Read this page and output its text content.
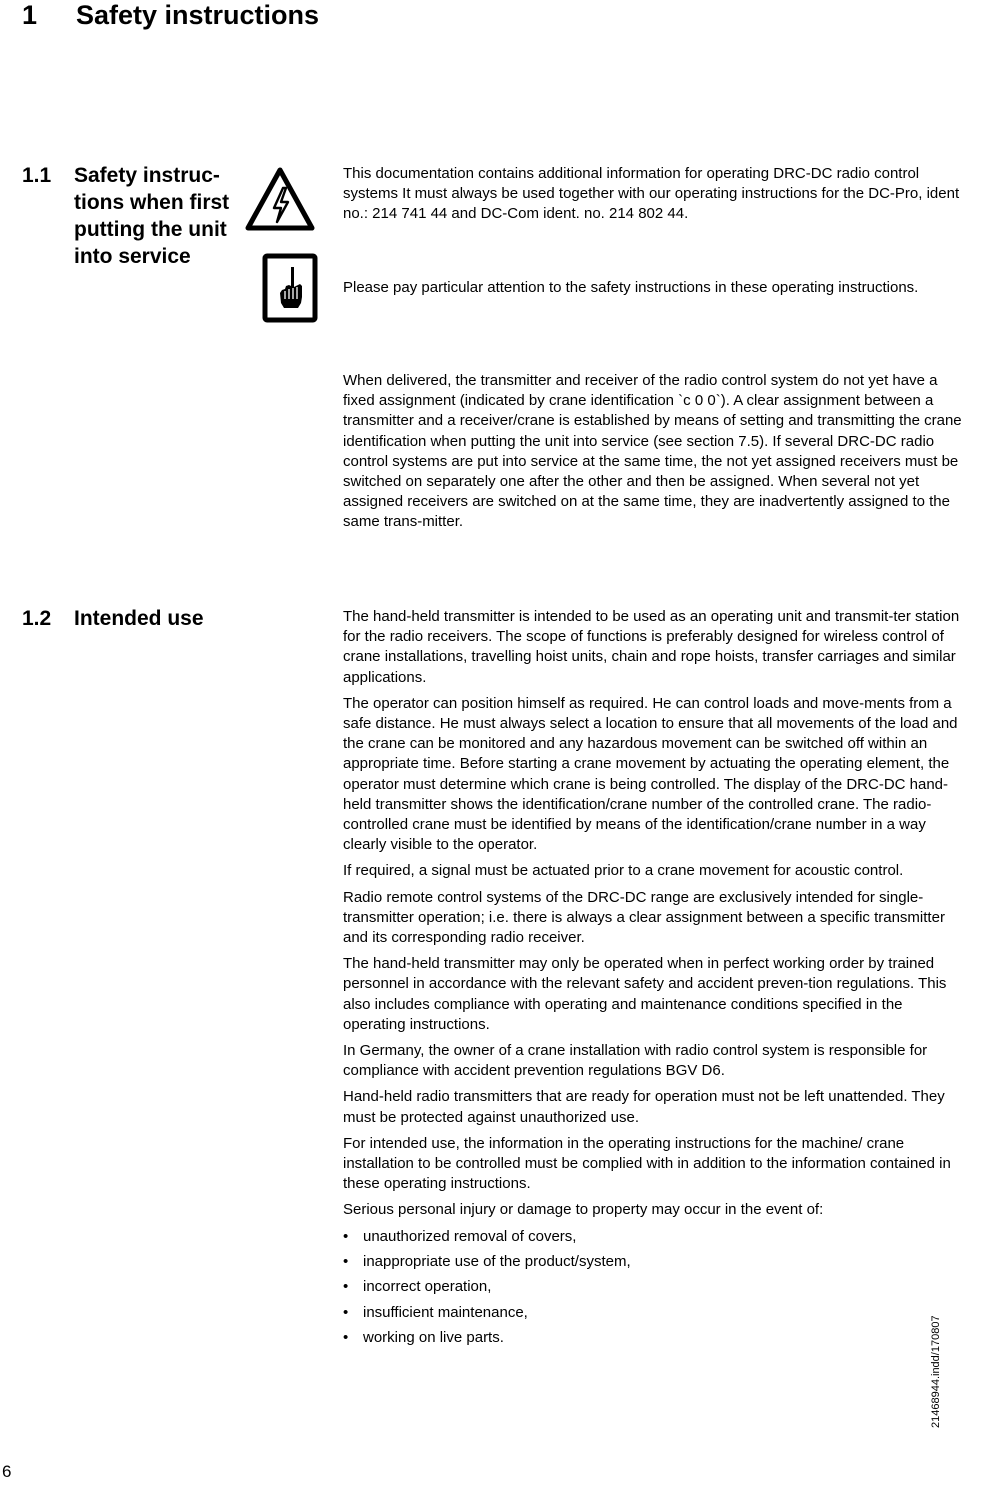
1 Safety instructions
1.1 Safety instruc-
tions when first
putting the unit
into service

This documentation contains additional information for operating DRC-DC radio control systems It must always be used together with our operating instructions for the DC-Pro, ident no.: 214 741 44 and DC-Com ident. no. 214 802 44.

Please pay particular attention to the safety instructions in these operating instructions.

When delivered, the transmitter and receiver of the radio control system do not yet have a fixed assignment (indicated by crane identification `c 0 0`). A clear assignment between a transmitter and a receiver/crane is established by means of setting and transmitting the crane identification when putting the unit into service (see section 7.5). If several DRC-DC radio control systems are put into service at the same time, the not yet assigned receivers must be switched on separately one after the other and then be assigned. When several not yet assigned receivers are switched on at the same time, they are inadvertently assigned to the same trans-mitter.

1.2 Intended use	The hand-held transmitter is intended to be used as an operating unit and transmit-ter station for the radio receivers. The scope of functions is preferably designed for wireless control of crane installations, travelling hoist units, chain and rope hoists, transfer carriages and similar applications.

The operator can position himself as required. He can control loads and move-ments from a safe distance. He must always select a location to ensure that all movements of the load and the crane can be monitored and any hazardous movement can be switched off within an appropriate time. Before starting a crane movement by actuating the operating element, the operator must determine which crane is being controlled. The display of the DRC-DC hand-held transmitter shows the identification/crane number of the controlled crane. The radio-controlled crane must be identified by means of the identification/crane number in a way clearly visible to the operator.

If required, a signal must be actuated prior to a crane movement for acoustic control.

Radio remote control systems of the DRC-DC range are exclusively intended for single-transmitter operation; i.e. there is always a clear assignment between a specific transmitter and its corresponding radio receiver.

The hand-held transmitter may only be operated when in perfect working order by trained personnel in accordance with the relevant safety and accident preven-tion regulations. This also includes compliance with operating and maintenance conditions specified in the operating instructions.

In Germany, the owner of a crane installation with radio control system is responsible for compliance with accident prevention regulations BGV D6.

Hand-held radio transmitters that are ready for operation must not be left unattended. They must be protected against unauthorized use.

For intended use, the information in the operating instructions for the machine/ crane installation to be controlled must be complied with in addition to the information contained in these operating instructions.

Serious personal injury or damage to property may occur in the event of:

• unauthorized removal of covers,
• inappropriate use of the product/system,
• incorrect operation,
• insufficient maintenance,
• working on live parts.
6
21468944.indd/170807
